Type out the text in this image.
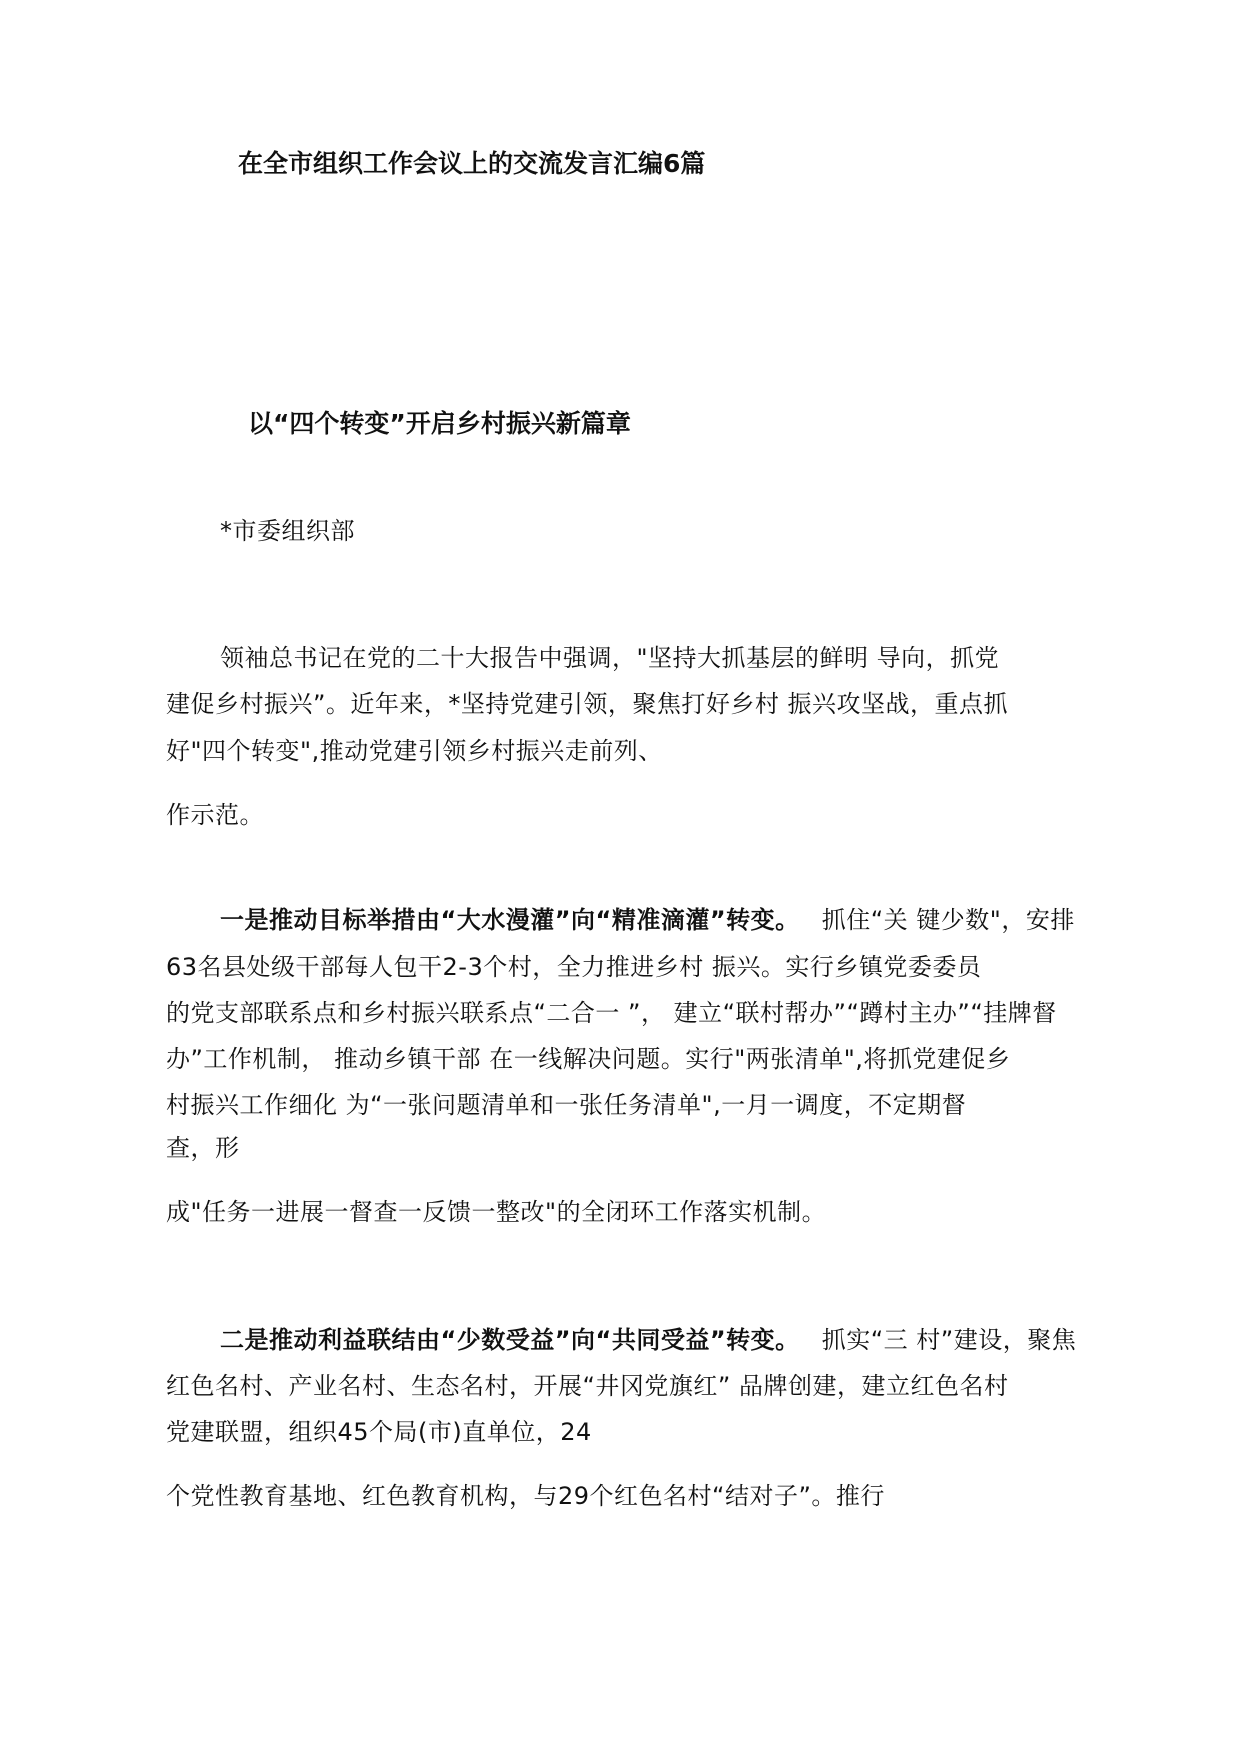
在全市组织工作会议上的交流发言汇编6篇
以“四个转变”开启乡村振兴新篇章
*市委组织部
领袖总书记在党的二十大报告中强调，"坚持大抓基层的鲜明 导向，抓党
建促乡村振兴”。近年来，*坚持党建引领，聚焦打好乡村 振兴攻坚战，重点抓
好"四个转变",推动党建引领乡村振兴走前列、
作示范。
一是推动目标举措由“大水漫灌”向“精准滴灌”转变。 抓住“关 键少数"，安排
63名县处级干部每人包干2-3个村，全力推进乡村 振兴。实行乡镇党委委员
的党支部联系点和乡村振兴联系点“二合一 ”， 建立“联村帮办”“蹲村主办”“挂牌督
办”工作机制， 推动乡镇干部 在一线解决问题。实行"两张清单",将抓党建促乡
村振兴工作细化 为“一张问题清单和一张任务清单",一月一调度，不定期督
查，形
成"任务一进展一督查一反馈一整改"的全闭环工作落实机制。
二是推动利益联结由“少数受益”向“共同受益”转变。 抓实“三 村”建设，聚焦
红色名村、产业名村、生态名村，开展“井冈党旗红” 品牌创建，建立红色名村
党建联盟，组织45个局(市)直单位，24
个党性教育基地、红色教育机构，与29个红色名村“结对子”。推行
